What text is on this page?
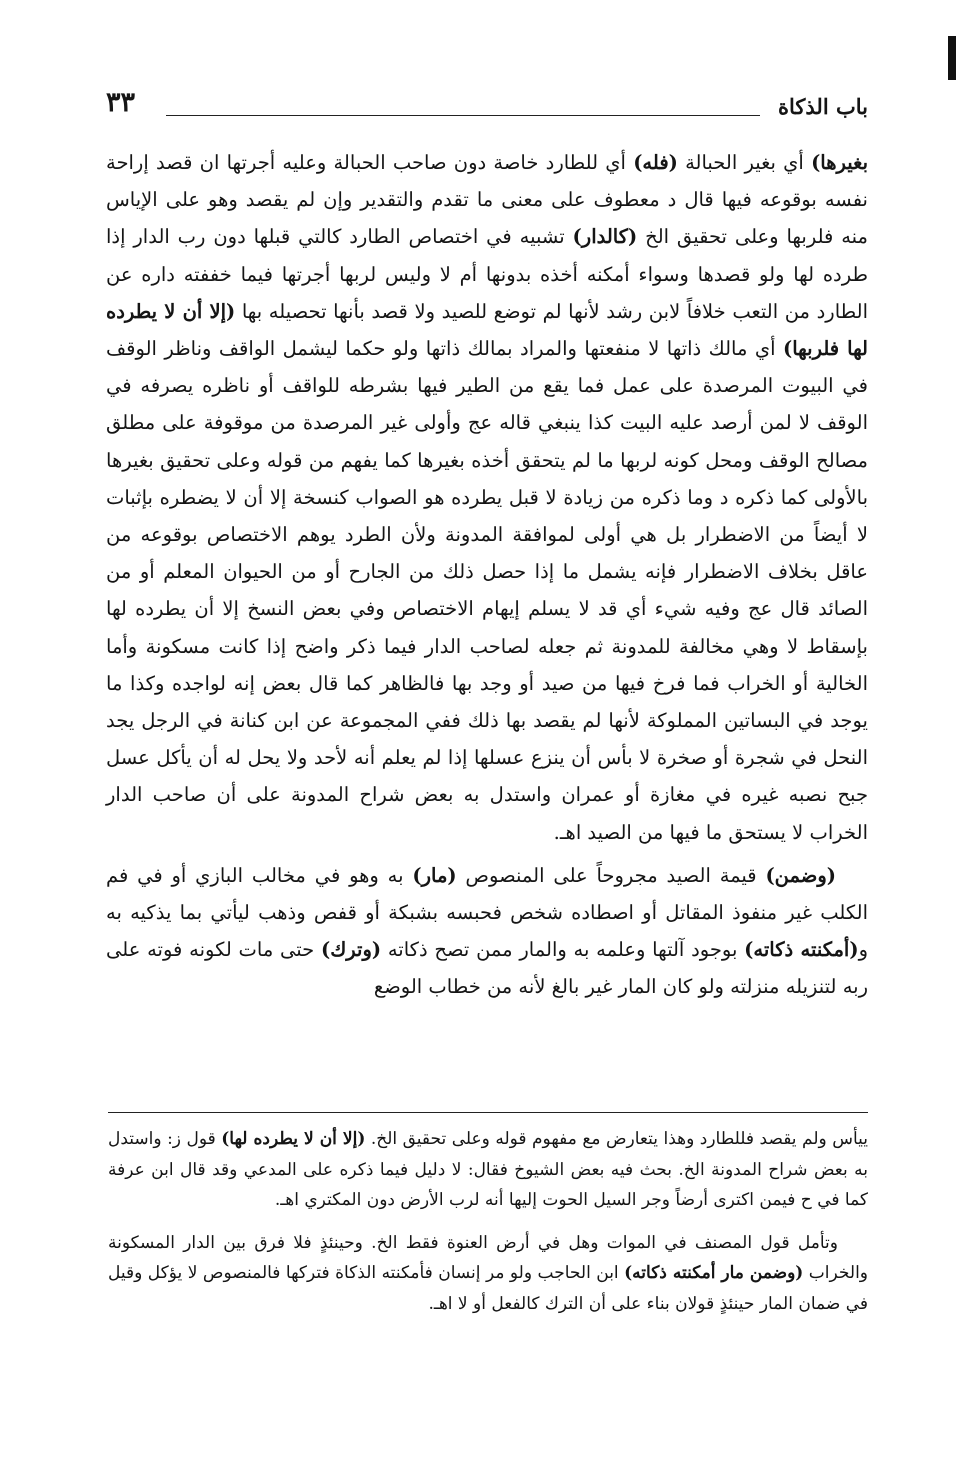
باب الذكاة
٣٣

بغيرها) أي بغير الحبالة (فله) أي للطارد خاصة دون صاحب الحبالة وعليه أجرتها ان قصد إراحة نفسه بوقوعه فيها قال د معطوف على معنى ما تقدم والتقدير وإن لم يقصد وهو على الإياس منه فلربها وعلى تحقيق الخ (كالدار) تشبيه في اختصاص الطارد كالتي قبلها دون رب الدار إذا طرده لها ولو قصدها وسواء أمكنه أخذه بدونها أم لا وليس لربها أجرتها فيما خففته داره عن الطارد من التعب خلافاً لابن رشد لأنها لم توضع للصيد ولا قصد بأنها تحصيله بها (إلا أن لا يطرده لها فلربها) أي مالك ذاتها لا منفعتها والمراد بمالك ذاتها ولو حكما ليشمل الواقف وناظر الوقف في البيوت المرصدة على عمل فما يقع من الطير فيها بشرطه للواقف أو ناظره يصرفه في الوقف لا لمن أرصد عليه البيت كذا ينبغي قاله عج وأولى غير المرصدة من موقوفة على مطلق مصالح الوقف ومحل كونه لربها ما لم يتحقق أخذه بغيرها كما يفهم من قوله وعلى تحقيق بغيرها بالأولى كما ذكره د وما ذكره من زيادة لا قبل يطرده هو الصواب كنسخة إلا أن لا يضطره بإثبات لا أيضاً من الاضطرار بل هي أولى لموافقة المدونة ولأن الطرد يوهم الاختصاص بوقوعه من عاقل بخلاف الاضطرار فإنه يشمل ما إذا حصل ذلك من الجارح أو من الحيوان المعلم أو من الصائد قال عج وفيه شيء أي قد لا يسلم إيهام الاختصاص وفي بعض النسخ إلا أن يطرده لها بإسقاط لا وهي مخالفة للمدونة ثم جعله لصاحب الدار فيما ذكر واضح إذا كانت مسكونة وأما الخالية أو الخراب فما فرخ فيها من صيد أو وجد بها فالظاهر كما قال بعض إنه لواجده وكذا ما يوجد في البساتين المملوكة لأنها لم يقصد بها ذلك ففي المجموعة عن ابن كنانة في الرجل يجد النحل في شجرة أو صخرة لا بأس أن ينزع عسلها إذا لم يعلم أنه لأحد ولا يحل له أن يأكل عسل جبح نصبه غيره في مغازة أو عمران واستدل به بعض شراح المدونة على أن صاحب الدار الخراب لا يستحق ما فيها من الصيد اهـ.

(وضمن) قيمة الصيد مجروحاً على المنصوص (مار) به وهو في مخالب البازي أو في فم الكلب غير منفوذ المقاتل أو اصطاده شخص فحبسه بشبكة أو قفص وذهب ليأتي بما يذكيه به و(أمكنته ذكاته) بوجود آلتها وعلمه به والمار ممن تصح ذكاته (وترك) حتى مات لكونه فوته على ربه لتنزيله منزلته ولو كان المار غير بالغ لأنه من خطاب الوضع

ييأس ولم يقصد فللطارد وهذا يتعارض مع مفهوم قوله وعلى تحقيق الخ. (إلا أن لا يطرده لها) قول ز: واستدل به بعض شراح المدونة الخ. بحث فيه بعض الشيوخ فقال: لا دليل فيما ذكره على المدعي وقد قال ابن عرفة كما في ح فيمن اكترى أرضاً وجر السيل الحوت إليها أنه لرب الأرض دون المكتري اهـ.

وتأمل قول المصنف في الموات وهل في أرض العنوة فقط الخ. وحينئذٍ فلا فرق بين الدار المسكونة والخراب (وضمن مار أمكنته ذكاته) ابن الحاجب ولو مر إنسان فأمكنته الذكاة فتركها فالمنصوص لا يؤكل وقيل في ضمان المار حينئذٍ قولان بناء على أن الترك كالفعل أو لا اهـ.
